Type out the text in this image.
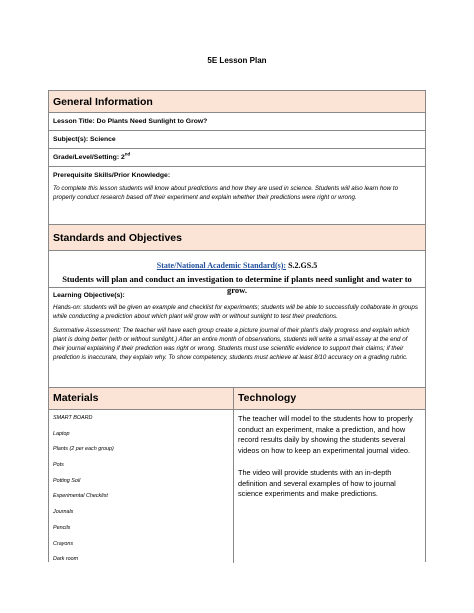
5E Lesson Plan
General Information
Lesson Title: Do Plants Need Sunlight to Grow?
Subject(s): Science
Grade/Level/Setting: 2nd
Prerequisite Skills/Prior Knowledge:
To complete this lesson students will know about predictions and how they are used in science. Students will also learn how to properly conduct research based off their experiment and explain whether their predictions were right or wrong.
Standards and Objectives
State/National Academic Standard(s): S.2.GS.5
Students will plan and conduct an investigation to determine if plants need sunlight and water to grow.
Learning Objective(s):
Hands-on: students will be given an example and checklist for experiments; students will be able to successfully collaborate in groups while conducting a prediction about which plant will grow with or without sunlight to test their predictions.
Summative Assessment: The teacher will have each group create a picture journal of their plant's daily progress and explain which plant is doing better (with or without sunlight.) After an entire month of observations, students will write a small essay at the end of their journal explaining if their prediction was right or wrong. Students must use scientific evidence to support their claims; if their prediction is inaccurate, they explain why. To show competency, students must achieve at least 8/10 accuracy on a grading rubric.
Materials	Technology
SMART BOARD
Laptop
Plants (2 per each group)
Pots
Potting Soil
Experimental Checklist
Journals
Pencils
Crayons
Dark room
The teacher will model to the students how to properly conduct an experiment, make a prediction, and how record results daily by showing the students several videos on how to keep an experimental journal video.
The video will provide students with an in-depth definition and several examples of how to journal science experiments and make predictions.
